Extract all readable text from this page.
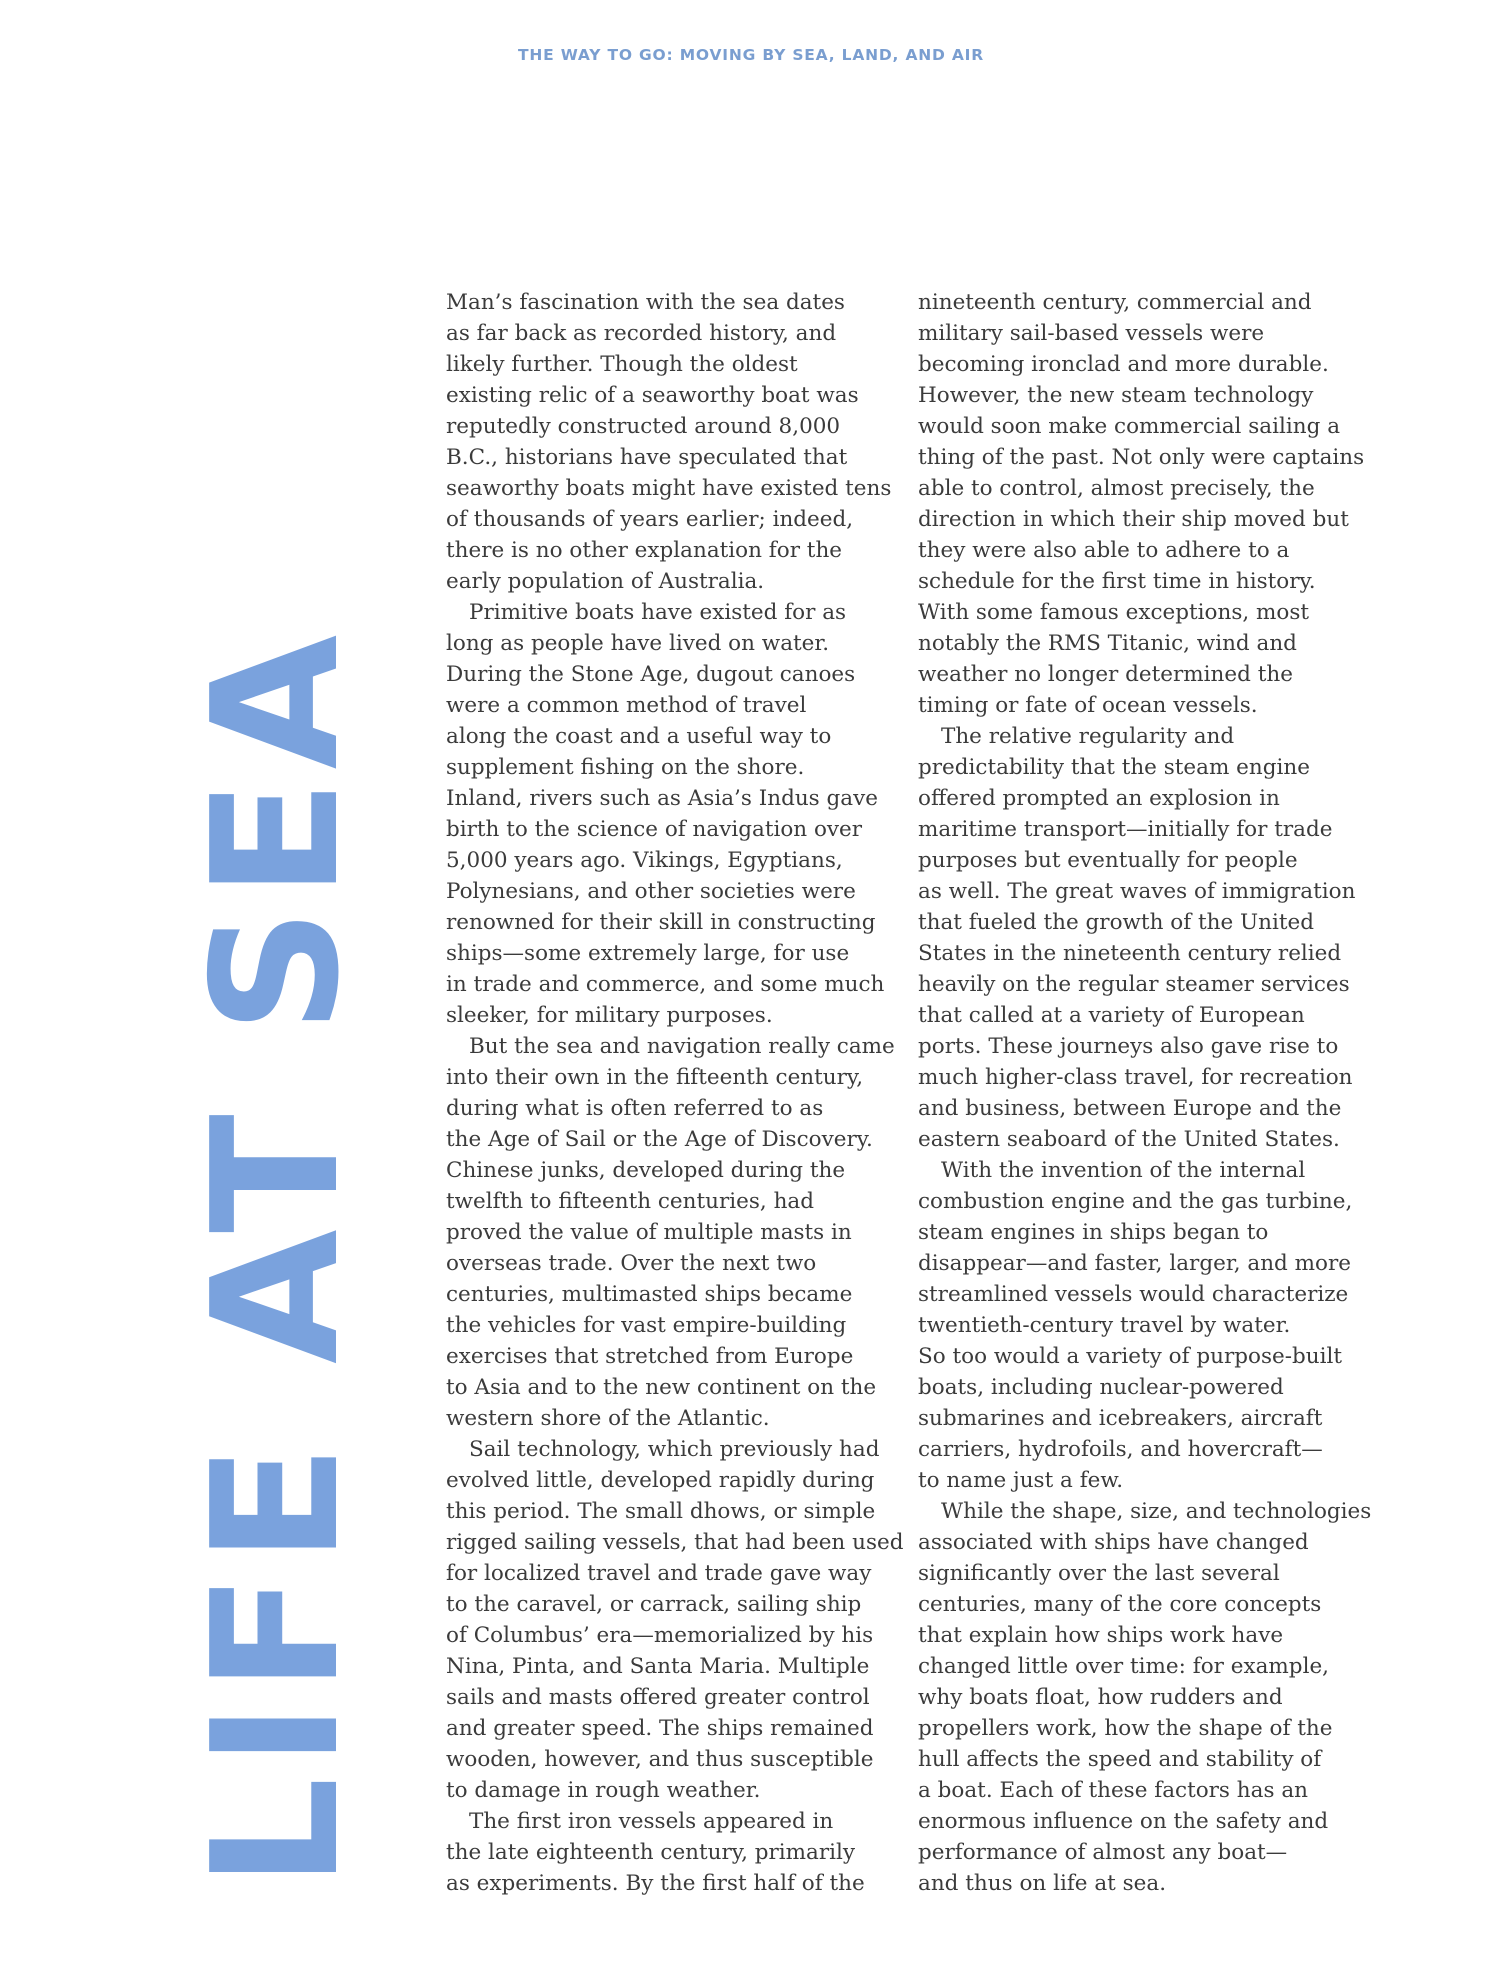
THE WAY TO GO: MOVING BY SEA, LAND, AND AIR
LIFE AT SEA
Man’s fascination with the sea dates
as far back as recorded history, and
likely further. Though the oldest
existing relic of a seaworthy boat was
reputedly constructed around 8,000
B.C., historians have speculated that
seaworthy boats might have existed tens
of thousands of years earlier; indeed,
there is no other explanation for the
early population of Australia.
Primitive boats have existed for as
long as people have lived on water.
During the Stone Age, dugout canoes
were a common method of travel
along the coast and a useful way to
supplement fishing on the shore.
Inland, rivers such as Asia’s Indus gave
birth to the science of navigation over
5,000 years ago. Vikings, Egyptians,
Polynesians, and other societies were
renowned for their skill in constructing
ships—some extremely large, for use
in trade and commerce, and some much
sleeker, for military purposes.
But the sea and navigation really came
into their own in the fifteenth century,
during what is often referred to as
the Age of Sail or the Age of Discovery.
Chinese junks, developed during the
twelfth to fifteenth centuries, had
proved the value of multiple masts in
overseas trade. Over the next two
centuries, multimasted ships became
the vehicles for vast empire-building
exercises that stretched from Europe
to Asia and to the new continent on the
western shore of the Atlantic.
Sail technology, which previously had
evolved little, developed rapidly during
this period. The small dhows, or simple
rigged sailing vessels, that had been used
for localized travel and trade gave way
to the caravel, or carrack, sailing ship
of Columbus’ era—memorialized by his
Nina, Pinta, and Santa Maria. Multiple
sails and masts offered greater control
and greater speed. The ships remained
wooden, however, and thus susceptible
to damage in rough weather.
The first iron vessels appeared in
the late eighteenth century, primarily
as experiments. By the first half of the
nineteenth century, commercial and
military sail-based vessels were
becoming ironclad and more durable.
However, the new steam technology
would soon make commercial sailing a
thing of the past. Not only were captains
able to control, almost precisely, the
direction in which their ship moved but
they were also able to adhere to a
schedule for the first time in history.
With some famous exceptions, most
notably the RMS Titanic, wind and
weather no longer determined the
timing or fate of ocean vessels.
The relative regularity and
predictability that the steam engine
offered prompted an explosion in
maritime transport—initially for trade
purposes but eventually for people
as well. The great waves of immigration
that fueled the growth of the United
States in the nineteenth century relied
heavily on the regular steamer services
that called at a variety of European
ports. These journeys also gave rise to
much higher-class travel, for recreation
and business, between Europe and the
eastern seaboard of the United States.
With the invention of the internal
combustion engine and the gas turbine,
steam engines in ships began to
disappear—and faster, larger, and more
streamlined vessels would characterize
twentieth-century travel by water.
So too would a variety of purpose-built
boats, including nuclear-powered
submarines and icebreakers, aircraft
carriers, hydrofoils, and hovercraft—
to name just a few.
While the shape, size, and technologies
associated with ships have changed
significantly over the last several
centuries, many of the core concepts
that explain how ships work have
changed little over time: for example,
why boats float, how rudders and
propellers work, how the shape of the
hull affects the speed and stability of
a boat. Each of these factors has an
enormous influence on the safety and
performance of almost any boat—
and thus on life at sea.
